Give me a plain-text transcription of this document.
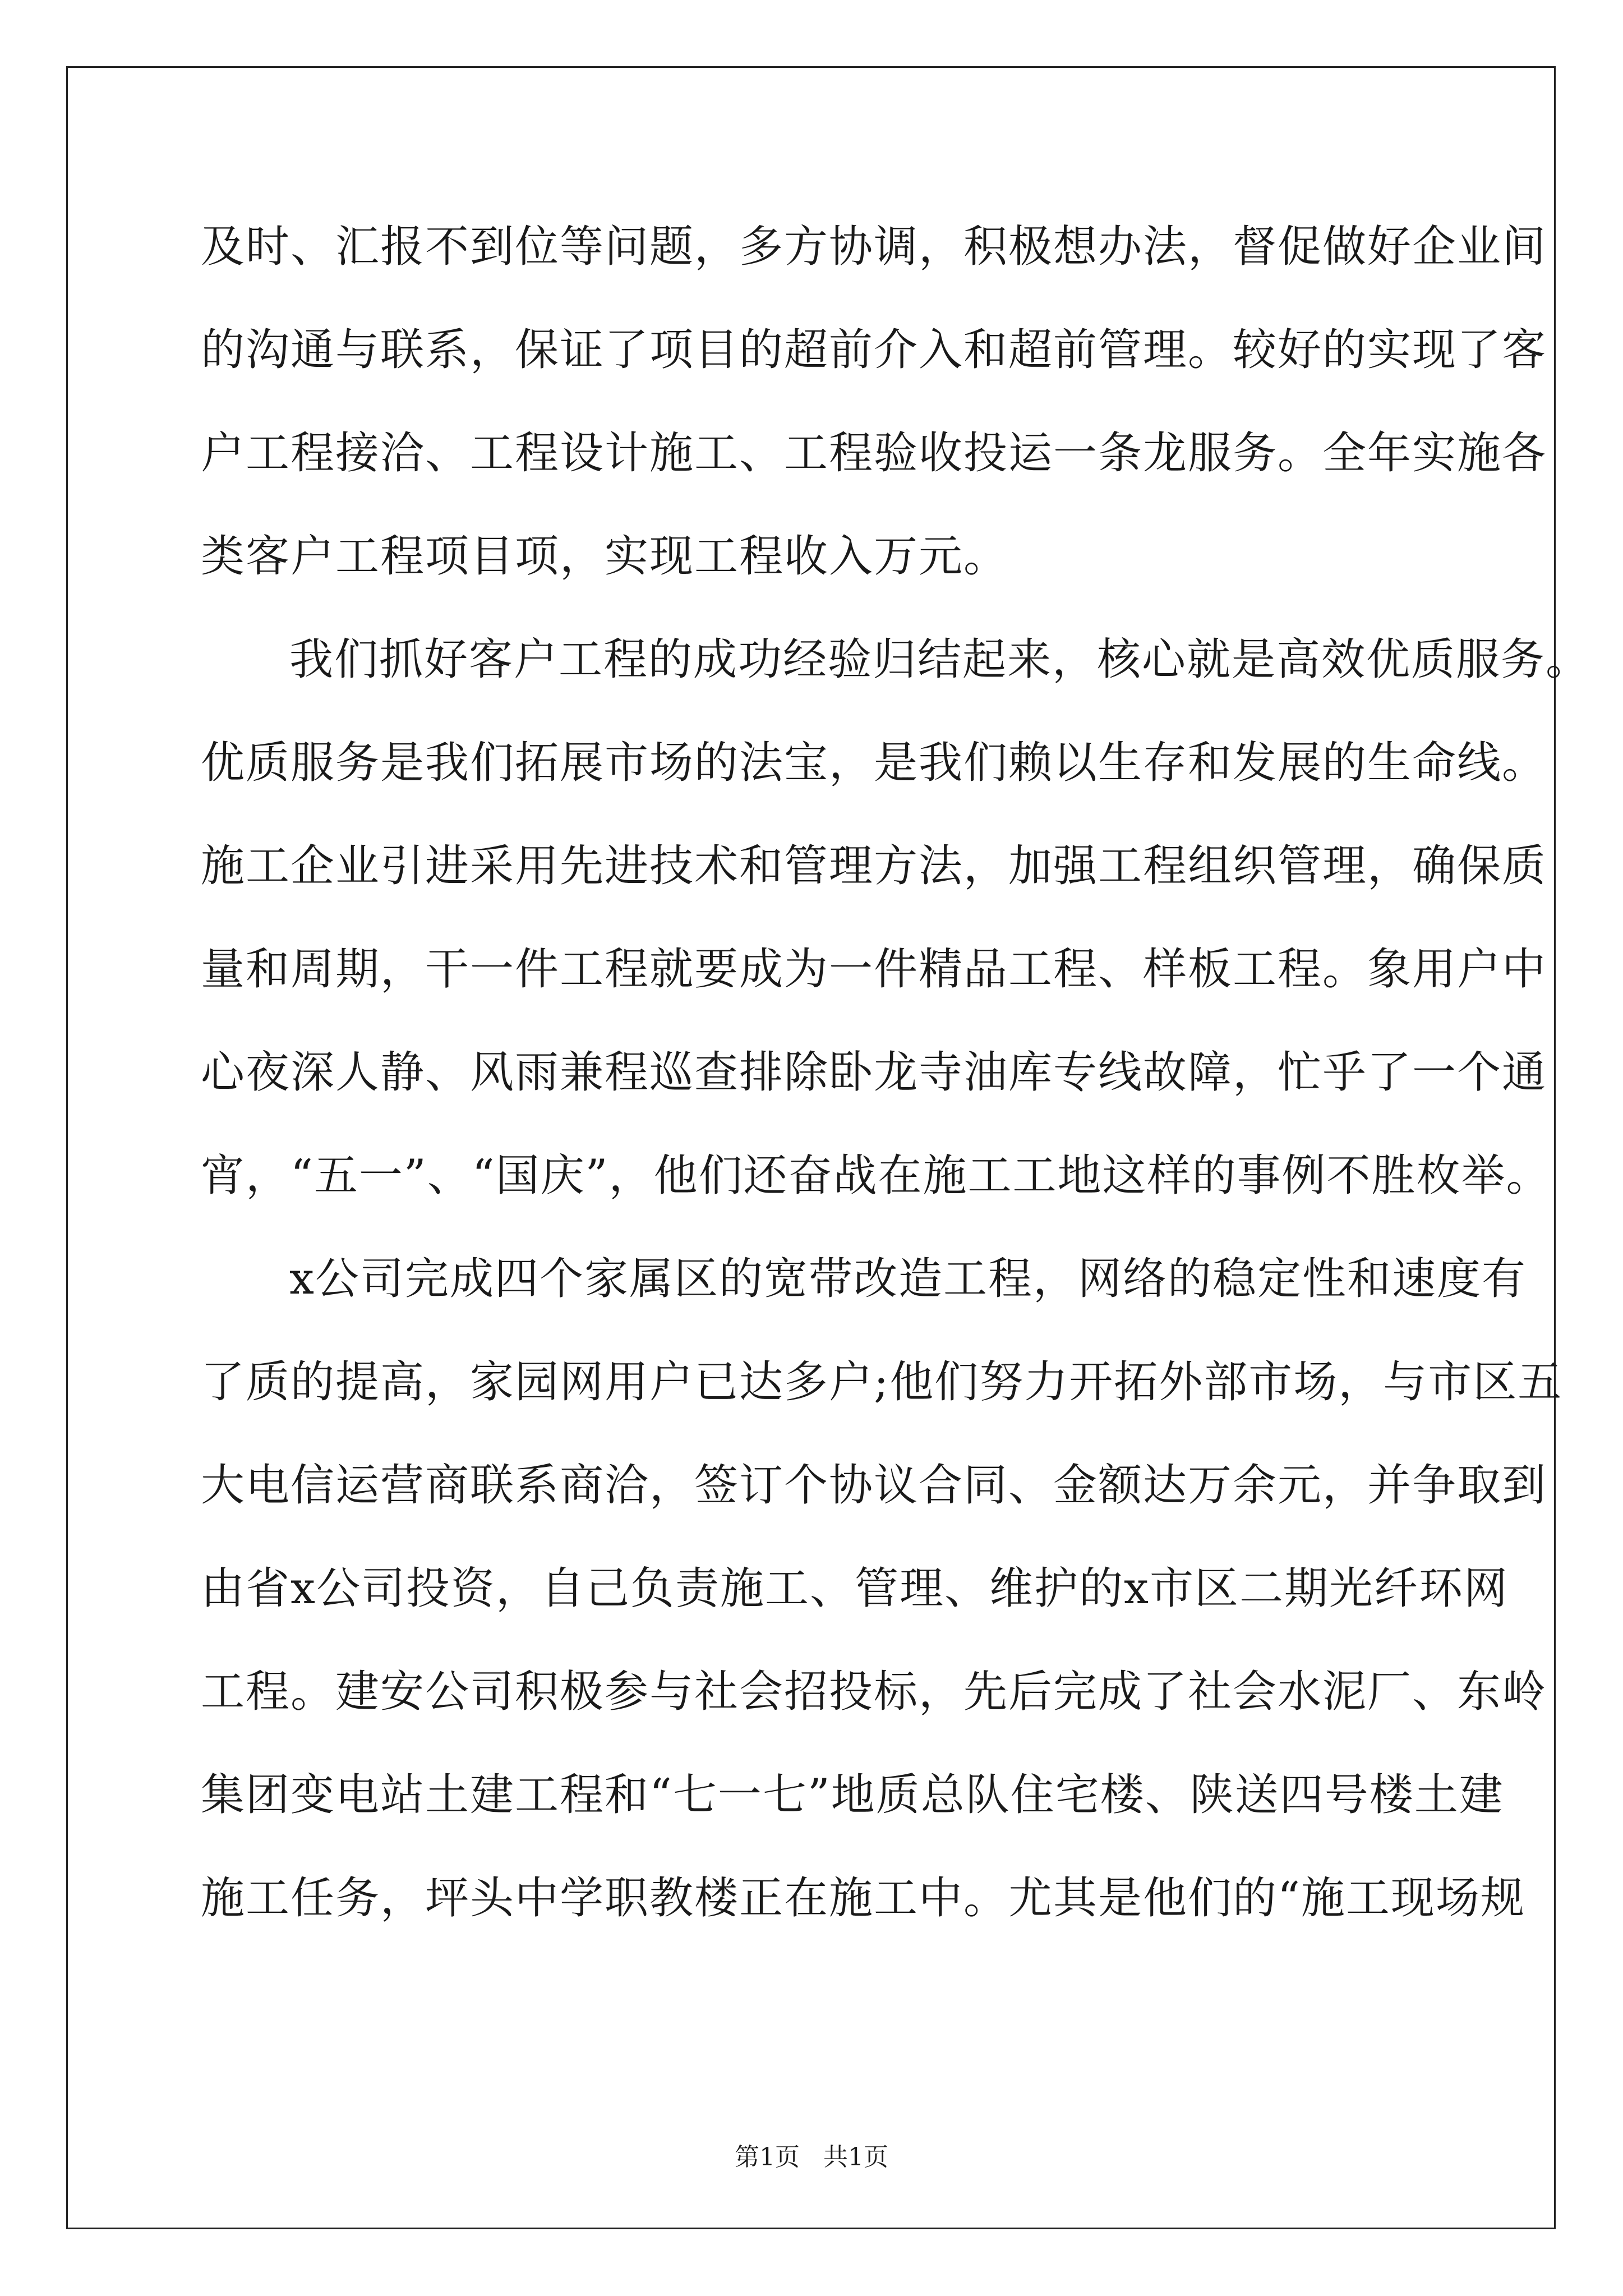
及时、汇报不到位等问题，多方协调，积极想办法，督促做好企业间
的沟通与联系，保证了项目的超前介入和超前管理。较好的实现了客
户工程接洽、工程设计施工、工程验收投运一条龙服务。全年实施各
类客户工程项目项，实现工程收入万元。
我们抓好客户工程的成功经验归结起来，核心就是高效优质服务。
优质服务是我们拓展市场的法宝，是我们赖以生存和发展的生命线。
施工企业引进采用先进技术和管理方法，加强工程组织管理，确保质
量和周期，干一件工程就要成为一件精品工程、样板工程。象用户中
心夜深人静、风雨兼程巡查排除卧龙寺油库专线故障，忙乎了一个通
宵，“五一”、“国庆”，他们还奋战在施工工地这样的事例不胜枚举。
x公司完成四个家属区的宽带改造工程，网络的稳定性和速度有
了质的提高，家园网用户已达多户;他们努力开拓外部市场，与市区五
大电信运营商联系商洽，签订个协议合同、金额达万余元，并争取到
由省x公司投资，自己负责施工、管理、维护的x市区二期光纤环网
工程。建安公司积极参与社会招投标，先后完成了社会水泥厂、东岭
集团变电站土建工程和“七一七”地质总队住宅楼、陕送四号楼土建
施工任务，坪头中学职教楼正在施工中。尤其是他们的“施工现场规
第1页   共1页
